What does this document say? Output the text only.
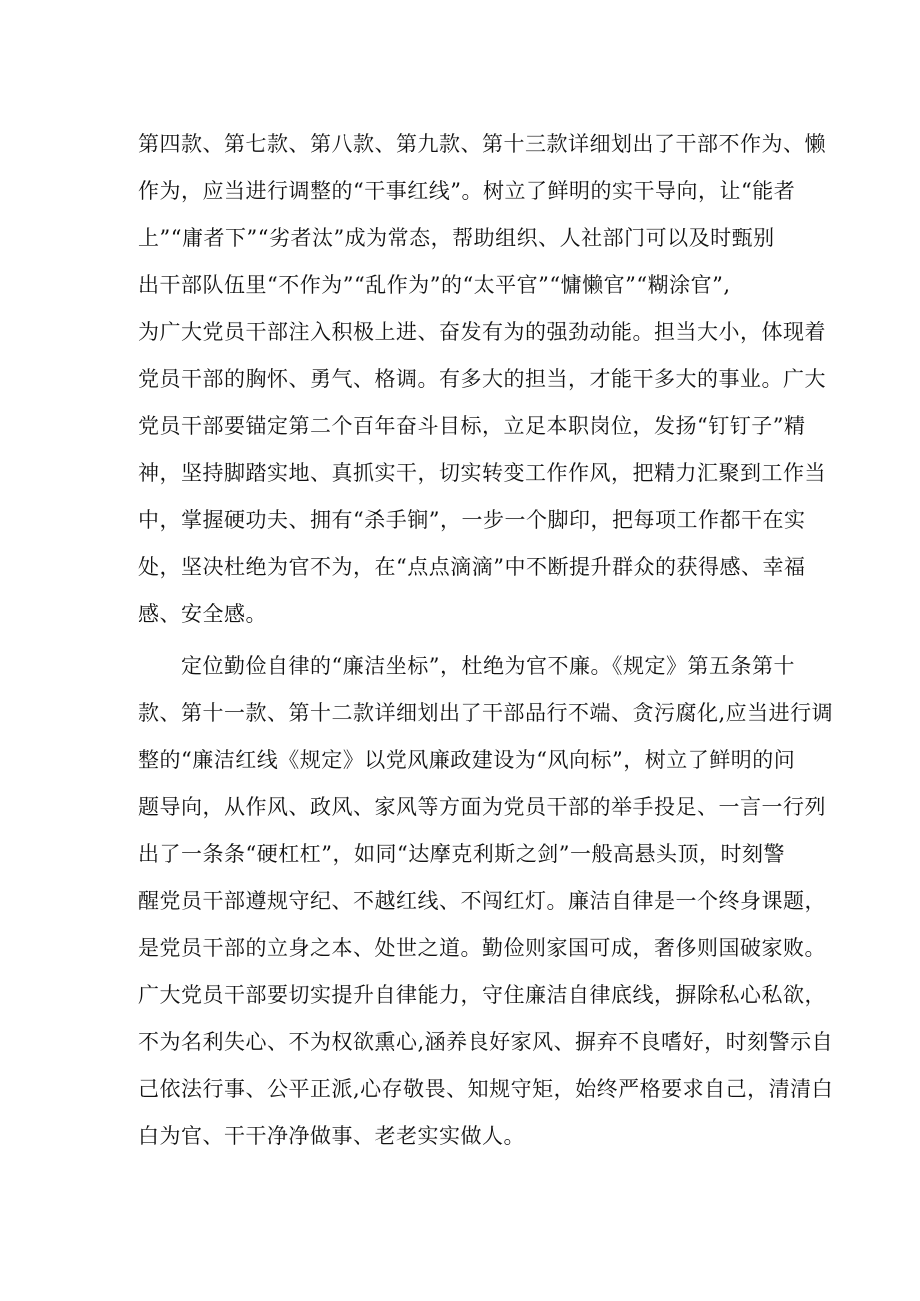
第四款、第七款、第八款、第九款、第十三款详细划出了干部不作为、懒
作为，应当进行调整的“干事红线”。树立了鲜明的实干导向，让“能者
上”“庸者下”“劣者汰”成为常态，帮助组织、人社部门可以及时甄别
出干部队伍里“不作为”“乱作为”的“太平官”“慵懒官”“糊涂官”,
为广大党员干部注入积极上进、奋发有为的强劲动能。担当大小，体现着
党员干部的胸怀、勇气、格调。有多大的担当，才能干多大的事业。广大
党员干部要锚定第二个百年奋斗目标，立足本职岗位，发扬“钉钉子”精
神，坚持脚踏实地、真抓实干，切实转变工作作风，把精力汇聚到工作当
中，掌握硬功夫、拥有“杀手锏”，一步一个脚印，把每项工作都干在实
处，坚决杜绝为官不为，在“点点滴滴”中不断提升群众的获得感、幸福
感、安全感。
　　定位勤俭自律的“廉洁坐标”，杜绝为官不廉。《规定》第五条第十
款、第十一款、第十二款详细划出了干部品行不端、贪污腐化,应当进行调
整的“廉洁红线《规定》以党风廉政建设为“风向标”，树立了鲜明的问
题导向，从作风、政风、家风等方面为党员干部的举手投足、一言一行列
出了一条条“硬杠杠”，如同“达摩克利斯之剑”一般高悬头顶，时刻警
醒党员干部遵规守纪、不越红线、不闯红灯。廉洁自律是一个终身课题，
是党员干部的立身之本、处世之道。勤俭则家国可成，奢侈则国破家败。
广大党员干部要切实提升自律能力，守住廉洁自律底线，摒除私心私欲，
不为名利失心、不为权欲熏心,涵养良好家风、摒弃不良嗜好，时刻警示自
己依法行事、公平正派,心存敬畏、知规守矩，始终严格要求自己，清清白
白为官、干干净净做事、老老实实做人。
